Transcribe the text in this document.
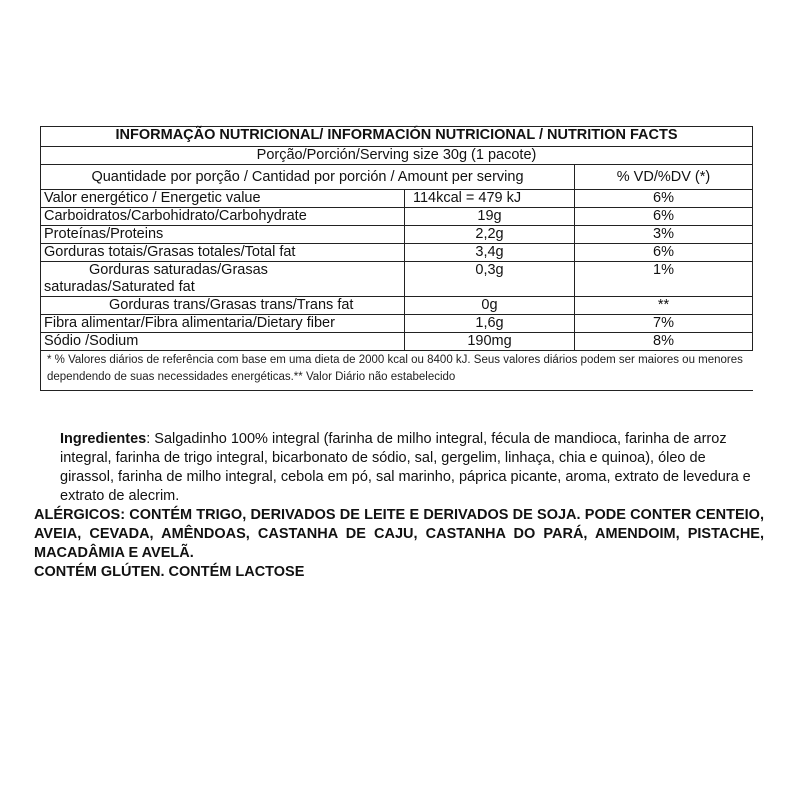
INFORMAÇÃO NUTRICIONAL/ INFORMACIÓN NUTRICIONAL / NUTRITION FACTS		
Porção/Porción/Serving size 30g (1 pacote)		
Quantidade por porção / Cantidad por porción / Amount per serving		% VD/%DV (*)
Valor energético / Energetic value	114kcal = 479 kJ	6%
Carboidratos/Carbohidrato/Carbohydrate	19g	6%
Proteínas/Proteins	2,2g	3%
Gorduras totais/Grasas totales/Total fat	3,4g	6%

Gorduras saturadas/Grasas
saturadas/Saturated fat	0,3g	1%
Gorduras trans/Grasas trans/Trans fat	0g	**
Fibra alimentar/Fibra alimentaria/Dietary fiber	1,6g	7%
Sódio /Sodium	190mg	8%
* % Valores diários de referência com base em uma dieta de 2000 kcal ou 8400 kJ. Seus valores diários podem ser maiores ou menores dependendo de suas necessidades energéticas.** Valor Diário não estabelecido		

Ingredientes: Salgadinho 100% integral (farinha de milho integral, fécula de mandioca, farinha de arroz integral, farinha de trigo integral, bicarbonato de sódio, sal, gergelim, linhaça, chia e quinoa), óleo de girassol, farinha de milho integral, cebola em pó, sal marinho, páprica picante, aroma, extrato de levedura e extrato de alecrim.

ALÉRGICOS: CONTÉM TRIGO, DERIVADOS DE LEITE E DERIVADOS DE SOJA. PODE CONTER CENTEIO, AVEIA, CEVADA, AMÊNDOAS, CASTANHA DE CAJU, CASTANHA DO PARÁ, AMENDOIM, PISTACHE, MACADÂMIA E AVELÃ.

CONTÉM GLÚTEN. CONTÉM LACTOSE
